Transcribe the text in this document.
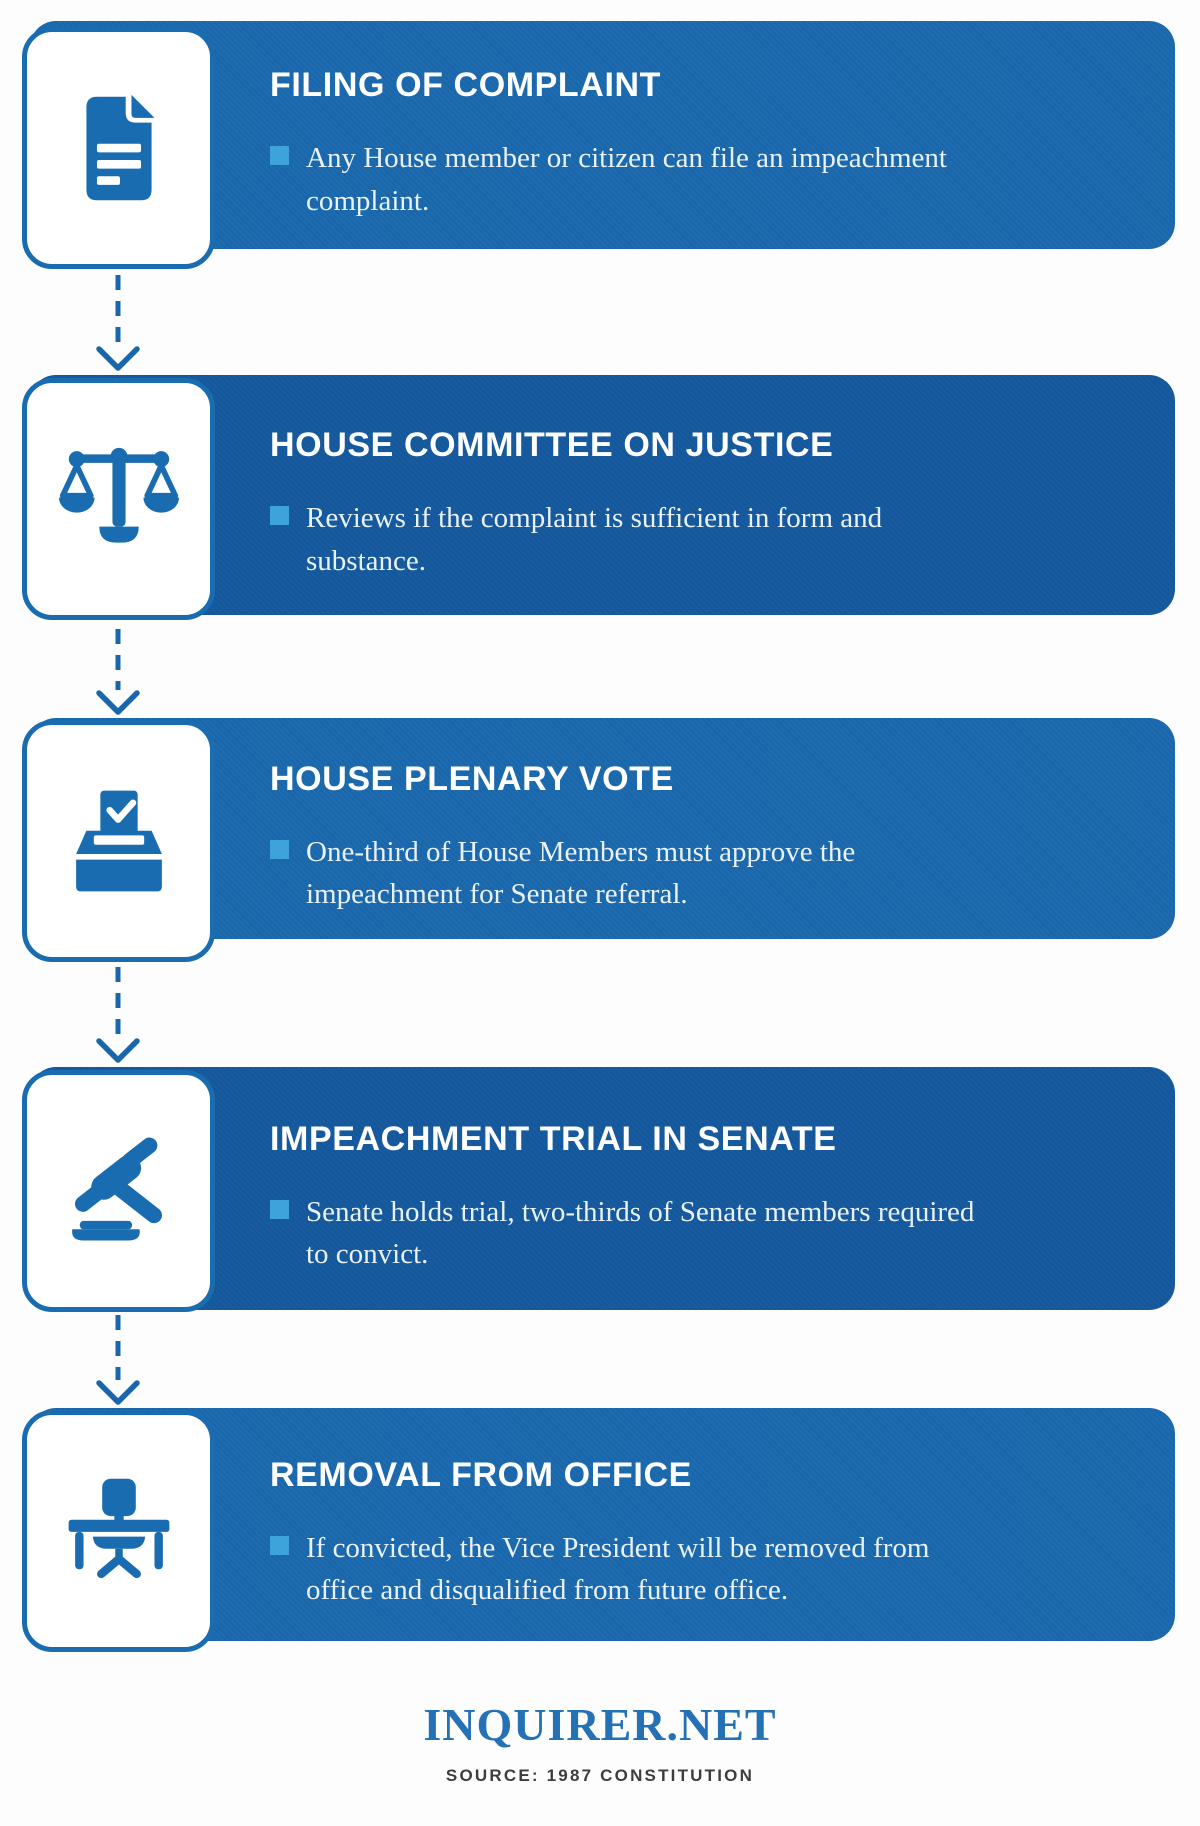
FILING OF COMPLAINT

Any House member or citizen can file an impeachment complaint.

HOUSE COMMITTEE ON JUSTICE

Reviews if the complaint is sufficient in form and substance.

HOUSE PLENARY VOTE

One-third of House Members must approve the impeachment for Senate referral.

IMPEACHMENT TRIAL IN SENATE

Senate holds trial, two-thirds of Senate members required to convict.

REMOVAL FROM OFFICE

If convicted, the Vice President will be removed from office and disqualified from future office.

INQUIRER.NET
SOURCE: 1987 CONSTITUTION
